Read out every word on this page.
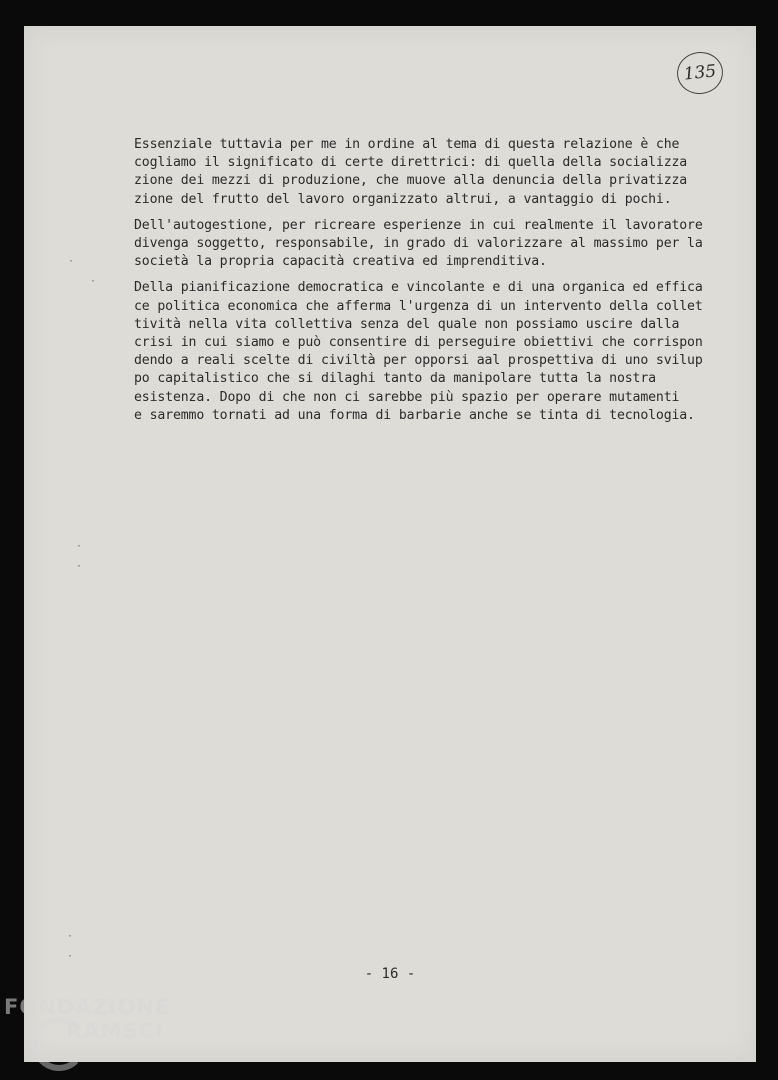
135

Essenziale tuttavia per me in ordine al tema di questa relazione è che
cogliamo il significato di certe direttrici: di quella della socializza
zione dei mezzi di produzione, che muove alla denuncia della privatizza
zione del frutto del lavoro organizzato altrui, a vantaggio di pochi.

Dell'autogestione, per ricreare esperienze in cui realmente il lavoratore
divenga soggetto, responsabile, in grado di valorizzare al massimo per la
società la propria capacità creativa ed imprenditiva.

Della pianificazione democratica e vincolante e di una organica ed effica
ce politica economica che afferma l'urgenza di un intervento della collet
tività nella vita collettiva senza del quale non possiamo uscire dalla
crisi in cui siamo e può consentire di perseguire obiettivi che corrispon
dendo a reali scelte di civiltà per opporsi aal prospettiva di uno svilup
po capitalistico che si dilaghi tanto da manipolare tutta la nostra
esistenza. Dopo di che non ci sarebbe più spazio per operare mutamenti
e saremmo tornati ad una forma di barbarie anche se tinta di tecnologia.

·
·
·
·
·
·
- 16 -
FONDAZIONE
RAMSCI
onlus
